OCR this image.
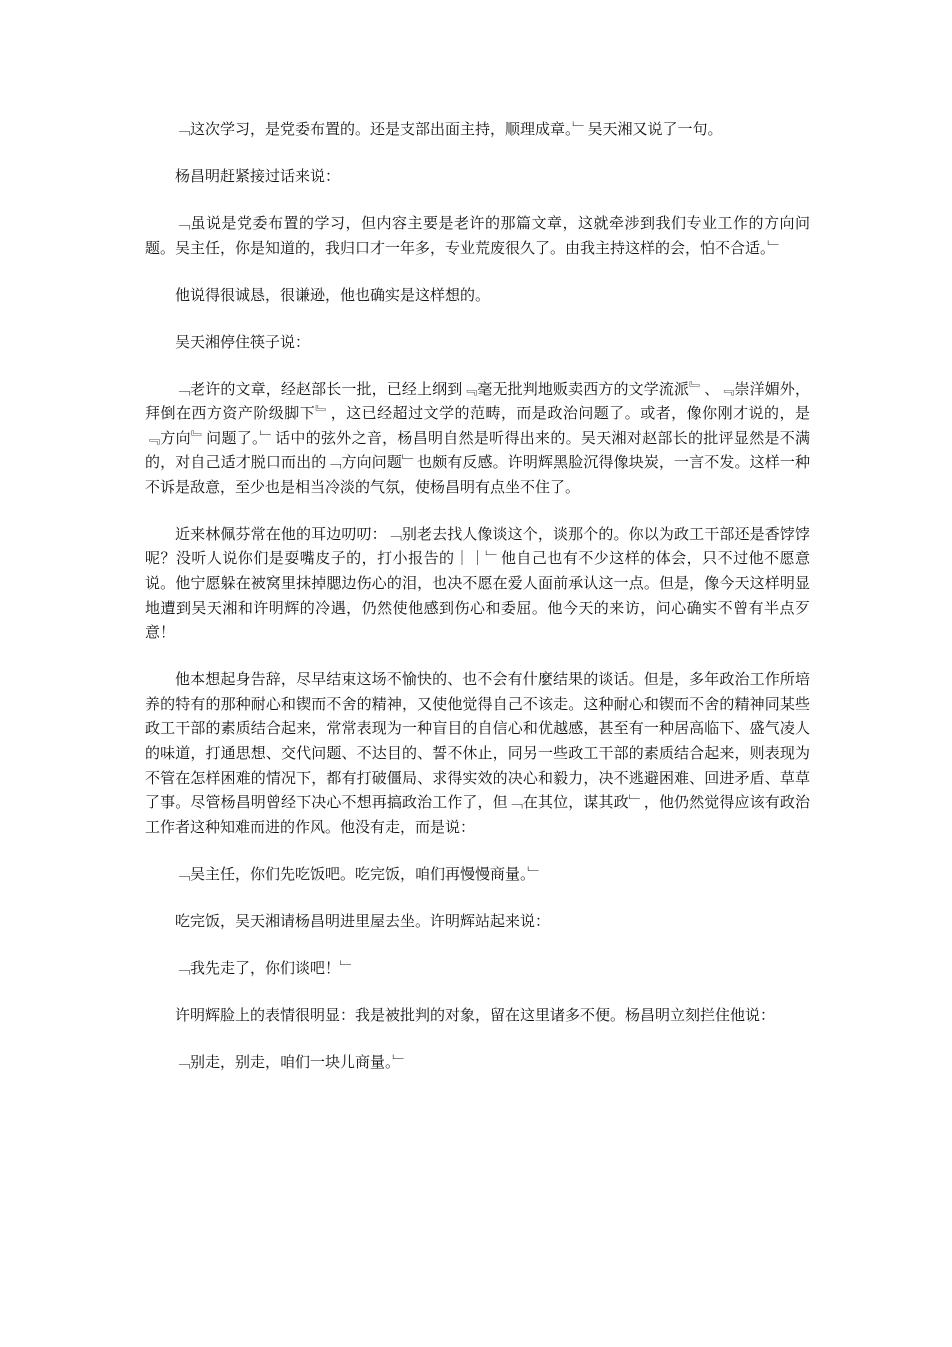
﹁这次学习，是党委布置的。还是支部出面主持，顺理成章。﹂吴天湘又说了一句。

杨昌明赶紧接过话来说：

﹁虽说是党委布置的学习，但内容主要是老许的那篇文章，这就牵涉到我们专业工作的方向问题。吴主任，你是知道的，我归口才一年多，专业荒废很久了。由我主持这样的会，怕不合适。﹂

他说得很诚恳，很谦逊，他也确实是这样想的。

吴天湘停住筷子说：

﹁老许的文章，经赵部长一批，已经上纲到﹃毫无批判地贩卖西方的文学流派﹄、﹃崇洋媚外，拜倒在西方资产阶级脚下﹄，这已经超过文学的范畴，而是政治问题了。或者，像你刚才说的，是﹃方向﹄问题了。﹂话中的弦外之音，杨昌明自然是听得出来的。吴天湘对赵部长的批评显然是不满的，对自己适才脱口而出的﹁方向问题﹂也颇有反感。许明辉黑脸沉得像块炭，一言不发。这样一种不诉是敌意，至少也是相当冷淡的气氛，使杨昌明有点坐不住了。

近来林佩芬常在他的耳边叨叨：﹁别老去找人像谈这个，谈那个的。你以为政工干部还是香饽饽呢？没听人说你们是耍嘴皮子的，打小报告的｜｜﹂他自己也有不少这样的体会，只不过他不愿意说。他宁愿躲在被窝里抹掉腮边伤心的泪，也决不愿在爱人面前承认这一点。但是，像今天这样明显地遭到吴天湘和许明辉的冷遇，仍然使他感到伤心和委屈。他今天的来访，问心确实不曾有半点歹意！

他本想起身告辞，尽早结束这场不愉快的、也不会有什麼结果的谈话。但是，多年政治工作所培养的特有的那种耐心和锲而不舍的精神，又使他觉得自己不该走。这种耐心和锲而不舍的精神同某些政工干部的素质结合起来，常常表现为一种盲目的自信心和优越感，甚至有一种居高临下、盛气凌人的味道，打通思想、交代问题、不达目的、誓不休止，同另一些政工干部的素质结合起来，则表现为不管在怎样困难的情况下，都有打破僵局、求得实效的决心和毅力，决不逃避困难、回进矛盾、草草了事。尽管杨昌明曾经下决心不想再搞政治工作了，但﹁在其位，谋其政﹂，他仍然觉得应该有政治工作者这种知难而进的作风。他没有走，而是说：

﹁吴主任，你们先吃饭吧。吃完饭，咱们再慢慢商量。﹂

吃完饭，吴天湘请杨昌明进里屋去坐。许明辉站起来说：

﹁我先走了，你们谈吧！﹂

许明辉脸上的表情很明显：我是被批判的对象，留在这里诸多不便。杨昌明立刻拦住他说：

﹁别走，别走，咱们一块儿商量。﹂
